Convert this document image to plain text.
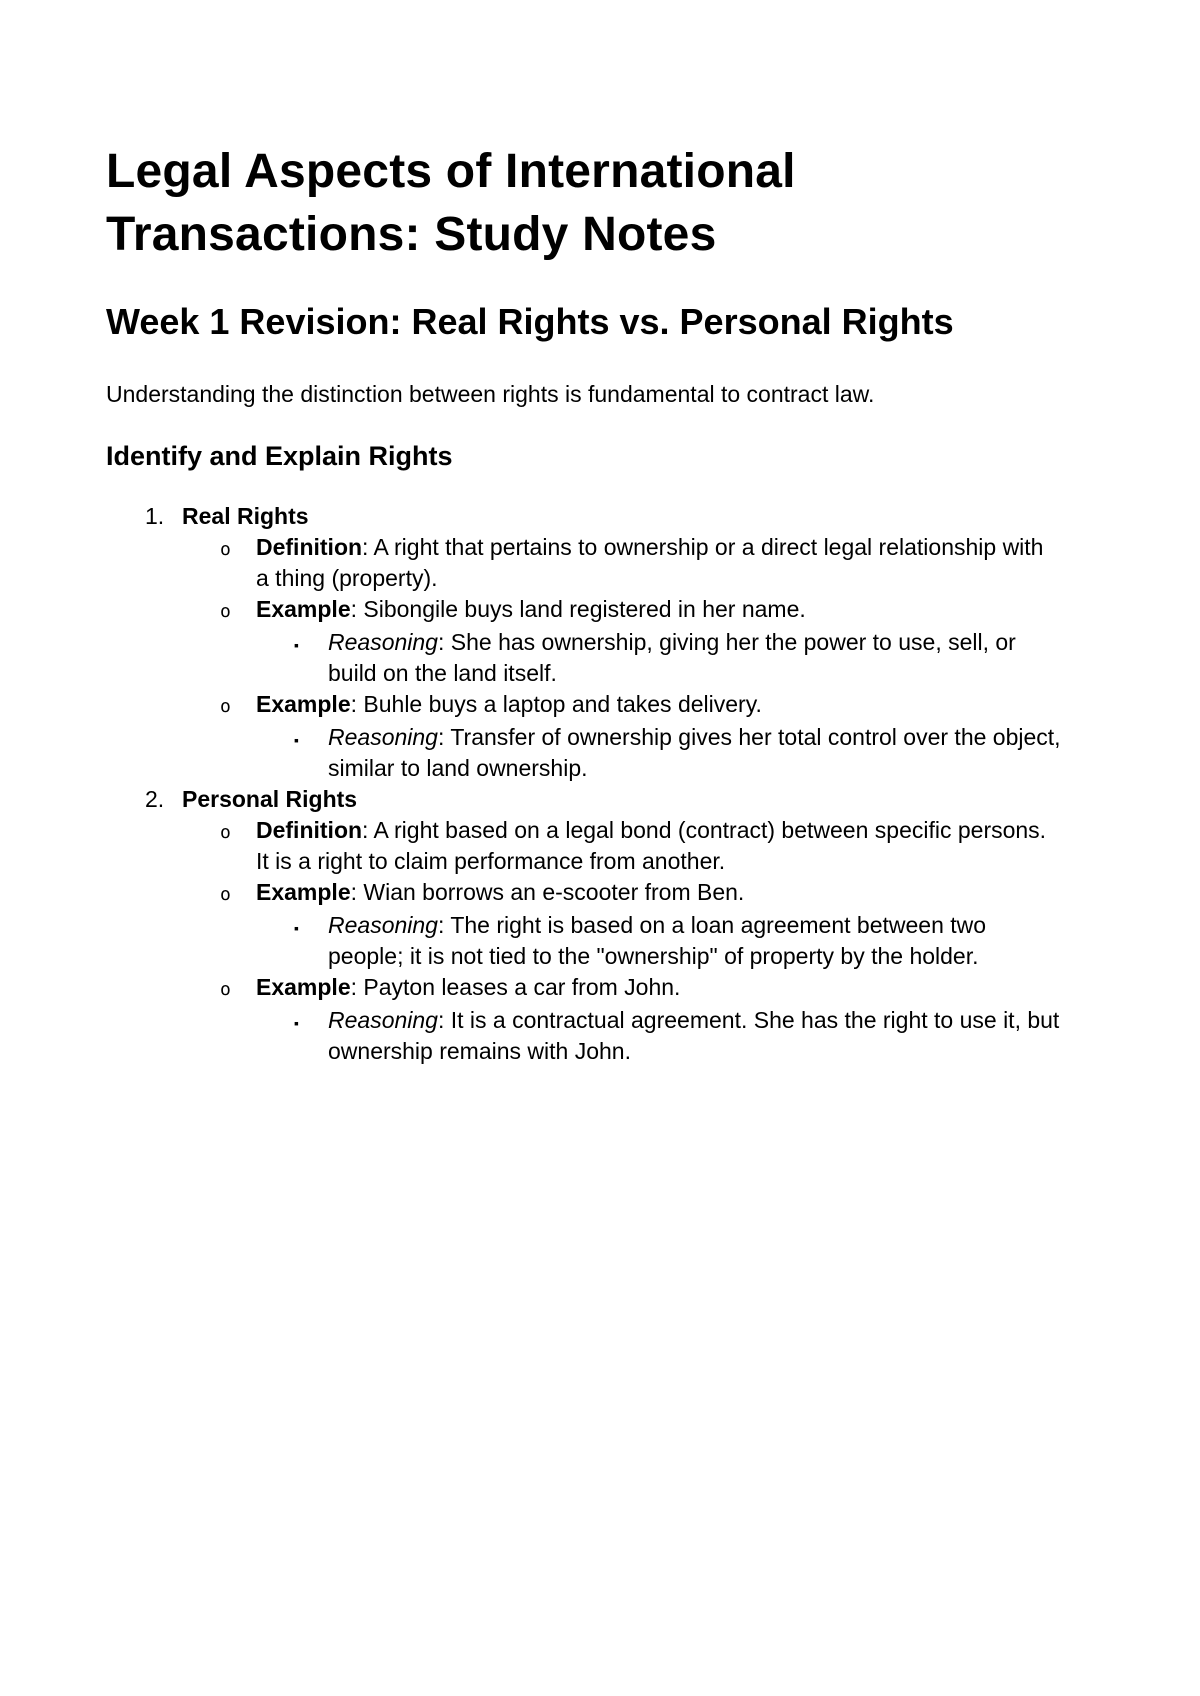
Legal Aspects of International Transactions: Study Notes
Week 1 Revision: Real Rights vs. Personal Rights

Understanding the distinction between rights is fundamental to contract law.

Identify and Explain Rights
1. Real Rights
o	Definition: A right that pertains to ownership or a direct legal relationship with a thing (property).
o	Example: Sibongile buys land registered in her name.
▪	Reasoning: She has ownership, giving her the power to use, sell, or build on the land itself.
o	Example: Buhle buys a laptop and takes delivery.
▪	Reasoning: Transfer of ownership gives her total control over the object, similar to land ownership.
2. Personal Rights
o	Definition: A right based on a legal bond (contract) between specific persons. It is a right to claim performance from another.
o	Example: Wian borrows an e-scooter from Ben.
▪	Reasoning: The right is based on a loan agreement between two people; it is not tied to the "ownership" of property by the holder.
o	Example: Payton leases a car from John.
▪	Reasoning: It is a contractual agreement. She has the right to use it, but ownership remains with John.
